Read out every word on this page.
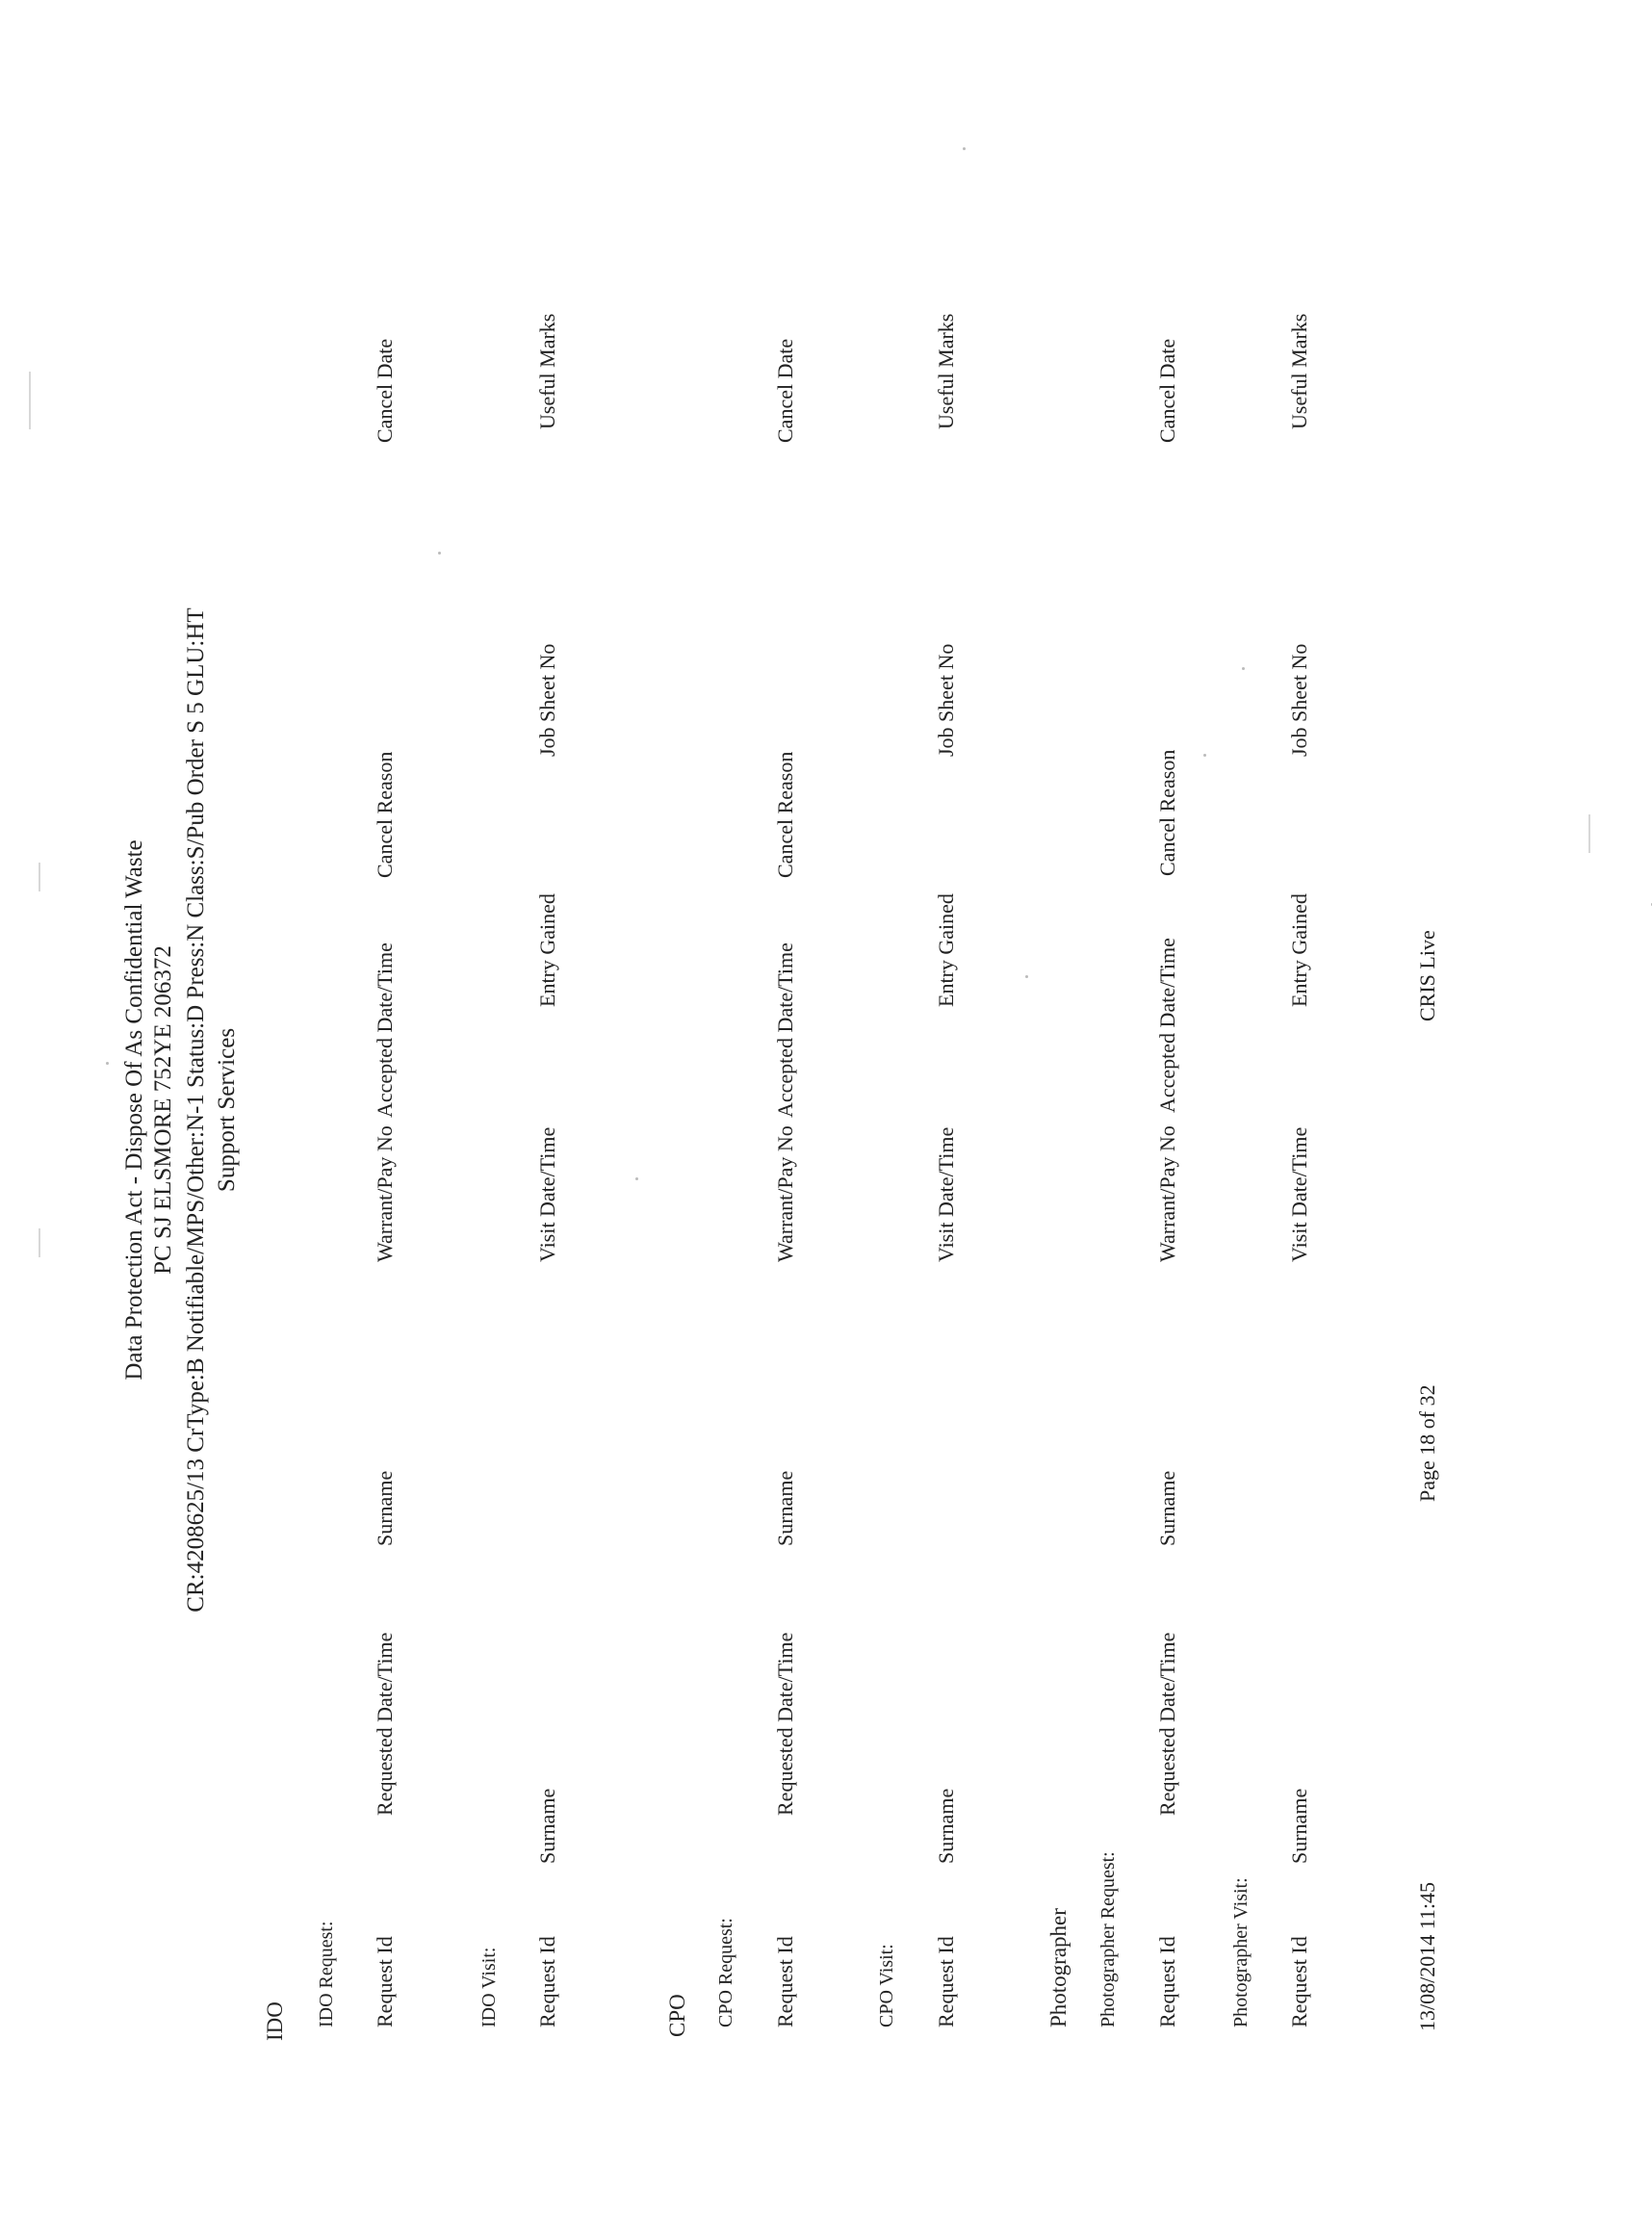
Data Protection Act - Dispose Of As Confidential Waste PC SJ ELSMORE 752YE 206372 CR:4208625/13 CrType:B Notifiable/MPS/Other:N-1 Status:D Press:N Class:S/Pub Order S 5 GLU:HT Support Services
IDO IDO Request: Request Id
Requested Date/Time
Surname
Warrant/Pay No
Accepted Date/Time
Cancel Reason
Cancel Date
IDO Visit: Request Id
Surname
Visit Date/Time
Entry Gained
Job Sheet No
Useful Marks
CPO CPO Request: Request Id
Requested Date/Time
Surname
Warrant/Pay No
Accepted Date/Time
Cancel Reason
Cancel Date
CPO Visit: Request Id
Surname
Visit Date/Time
Entry Gained
Job Sheet No
Useful Marks
Photographer Photographer Request: Request Id
Requested Date/Time
Surname
Warrant/Pay No
Accepted Date/Time
Cancel Reason
Cancel Date
Photographer Visit: Request Id
Surname
Visit Date/Time
Entry Gained
Job Sheet No
Useful Marks
13/08/2014 11:45
Page 18 of 32
CRIS Live
